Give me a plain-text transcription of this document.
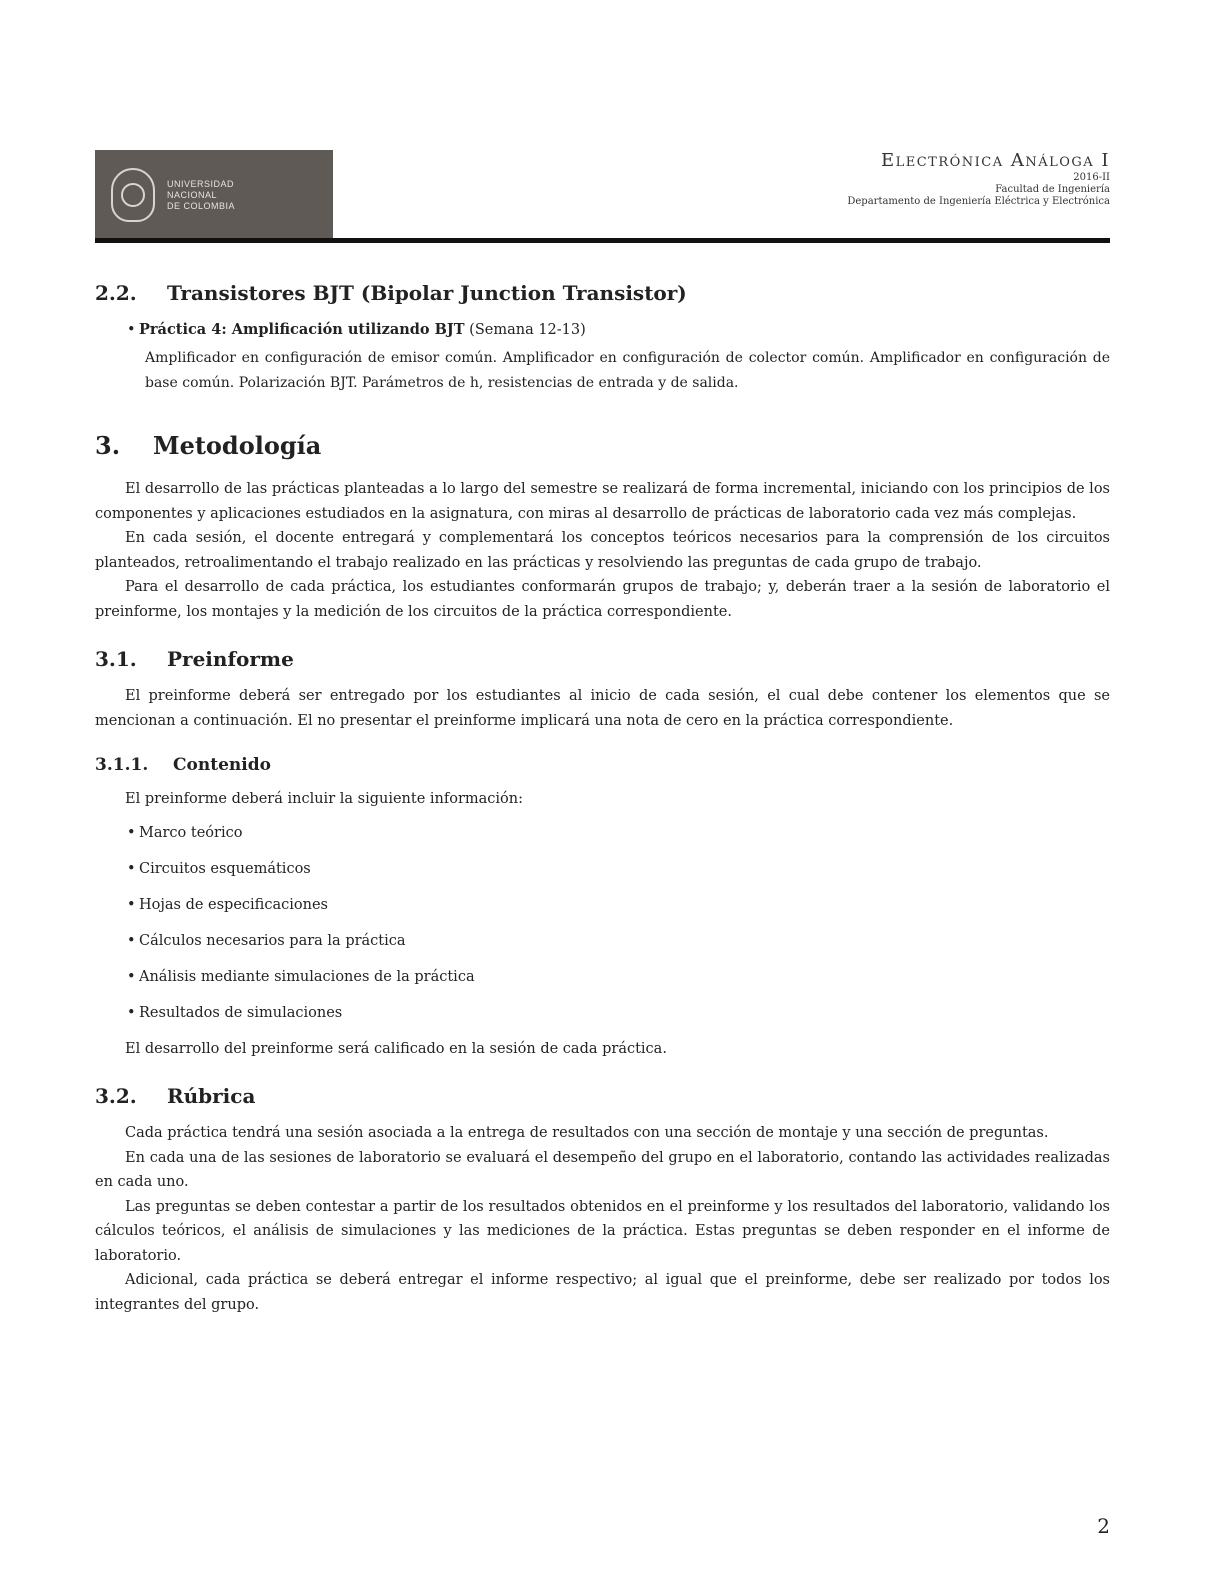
UNIVERSIDAD
NACIONAL
DE COLOMBIA
Electrónica Análoga I
2016-II
Facultad de Ingeniería
Departamento de Ingeniería Eléctrica y Electrónica
2.2. Transistores BJT (Bipolar Junction Transistor)
• Práctica 4: Amplificación utilizando BJT (Semana 12-13)
Amplificador en configuración de emisor común. Amplificador en configuración de colector común. Amplificador en configuración de base común. Polarización BJT. Parámetros de h, resistencias de entrada y de salida.
3. Metodología

El desarrollo de las prácticas planteadas a lo largo del semestre se realizará de forma incremental, iniciando con los principios de los componentes y aplicaciones estudiados en la asignatura, con miras al desarrollo de prácticas de laboratorio cada vez más complejas.

En cada sesión, el docente entregará y complementará los conceptos teóricos necesarios para la comprensión de los circuitos planteados, retroalimentando el trabajo realizado en las prácticas y resolviendo las preguntas de cada grupo de trabajo.

Para el desarrollo de cada práctica, los estudiantes conformarán grupos de trabajo; y, deberán traer a la sesión de laboratorio el preinforme, los montajes y la medición de los circuitos de la práctica correspondiente.

3.1. Preinforme

El preinforme deberá ser entregado por los estudiantes al inicio de cada sesión, el cual debe contener los elementos que se mencionan a continuación. El no presentar el preinforme implicará una nota de cero en la práctica correspondiente.

3.1.1. Contenido
El preinforme deberá incluir la siguiente información:
• Marco teórico
• Circuitos esquemáticos
• Hojas de especificaciones
• Cálculos necesarios para la práctica
• Análisis mediante simulaciones de la práctica
• Resultados de simulaciones
El desarrollo del preinforme será calificado en la sesión de cada práctica.
3.2. Rúbrica

Cada práctica tendrá una sesión asociada a la entrega de resultados con una sección de montaje y una sección de preguntas.

En cada una de las sesiones de laboratorio se evaluará el desempeño del grupo en el laboratorio, contando las actividades realizadas en cada uno.

Las preguntas se deben contestar a partir de los resultados obtenidos en el preinforme y los resultados del laboratorio, validando los cálculos teóricos, el análisis de simulaciones y las mediciones de la práctica. Estas preguntas se deben responder en el informe de laboratorio.

Adicional, cada práctica se deberá entregar el informe respectivo; al igual que el preinforme, debe ser realizado por todos los integrantes del grupo.

2
